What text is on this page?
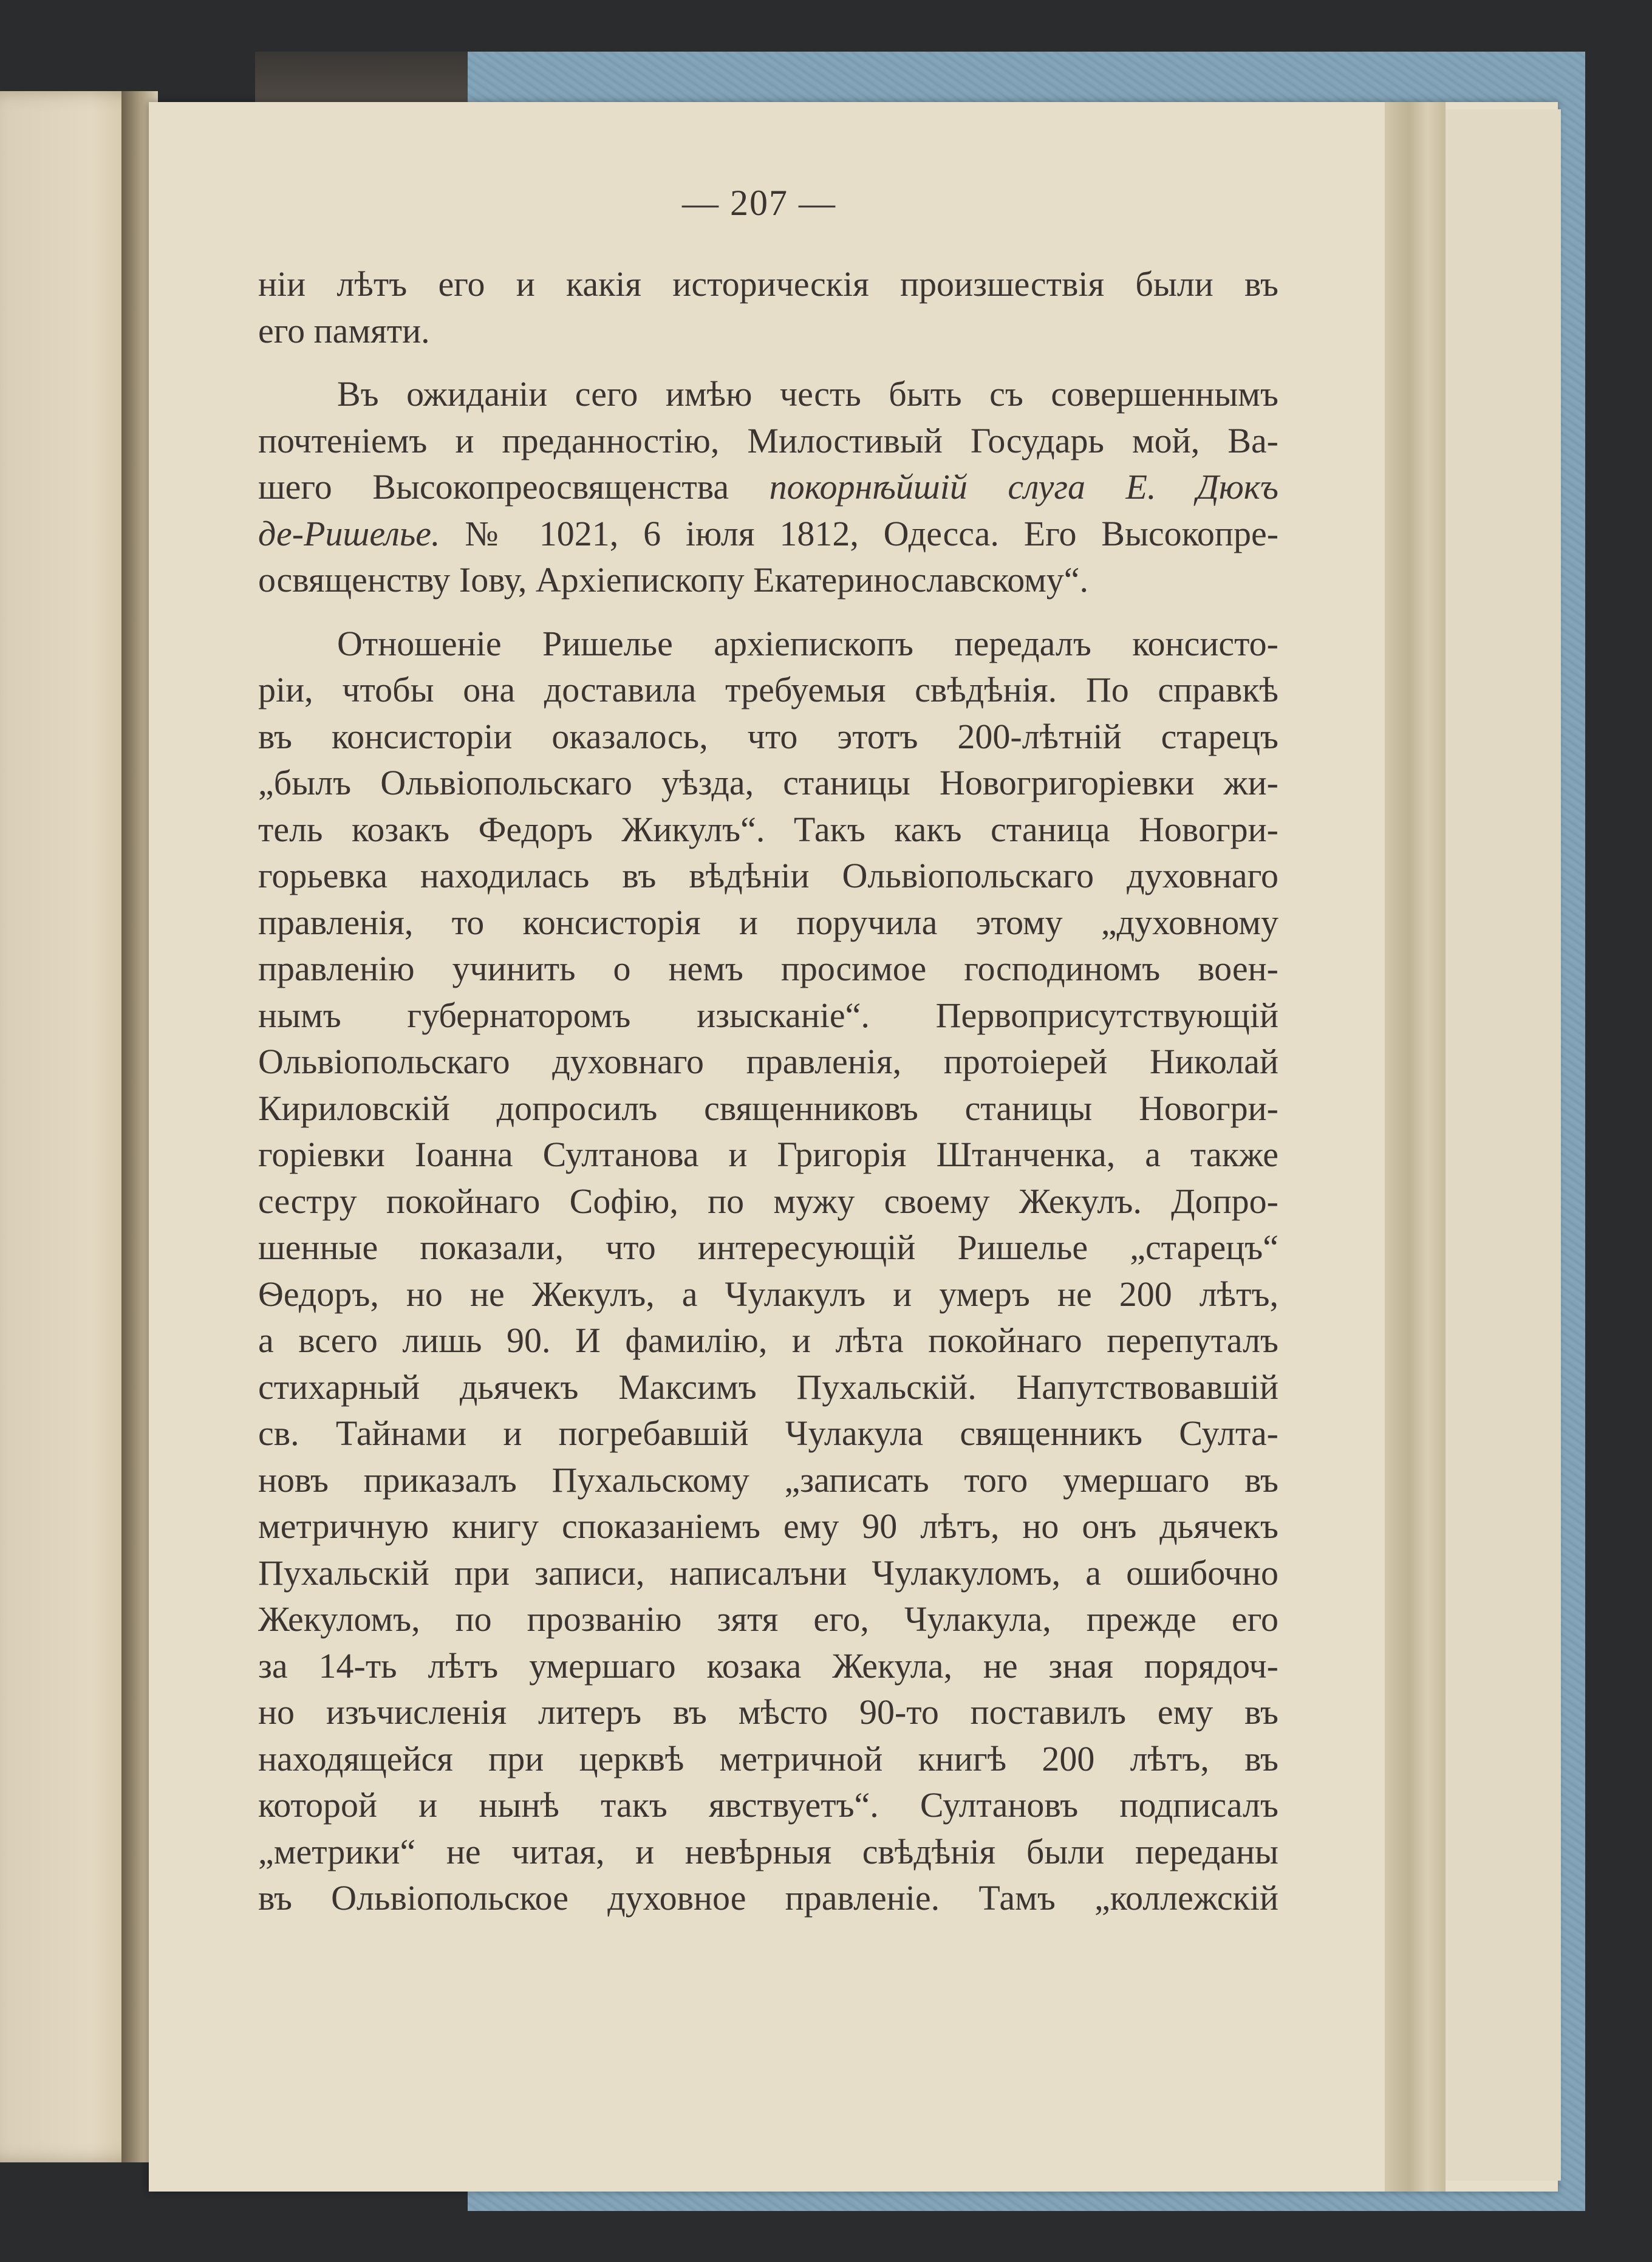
— 207 —
нiи лѣтъ его и какiя историческiя произшествiя были въ
его памяти.
Въ ожиданiи сего имѣю честь быть съ совершеннымъ
почтенiемъ и преданностiю, Милостивый Государь мой, Ва-
шего Высокопреосвященства покорнѣйшiй слуга Е. Дюкъ
де-Ришелье. № 1021, 6 iюля 1812, Одесса. Его Высокопре-
освященству Iову, Архiепископу Екатеринославскому“.
Отношенiе Ришелье архiепископъ передалъ консисто-
рiи, чтобы она доставила требуемыя свѣдѣнiя. По справкѣ
въ консисторiи оказалось, что этотъ 200-лѣтнiй старецъ
„былъ Ольвiопольскаго уѣзда, станицы Новогригорiевки жи-
тель козакъ Федоръ Жикулъ“. Такъ какъ станица Новогри-
горьевка находилась въ вѣдѣнiи Ольвiопольскаго духовнаго
правленiя, то консисторiя и поручила этому „духовному
правленiю учинить о немъ просимое господиномъ воен-
нымъ губернаторомъ изысканiе“. Первоприсутствующiй
Ольвiопольскаго духовнаго правленiя, протоiерей Николай
Кириловскiй допросилъ священниковъ станицы Новогри-
горiевки Iоанна Султанова и Григорiя Штанченка, а также
сестру покойнаго Софiю, по мужу своему Жекулъ. Допро-
шенные показали, что интересующiй Ришелье „старецъ“
Ѳедоръ, но не Жекулъ, а Чулакулъ и умеръ не 200 лѣтъ,
а всего лишь 90. И фамилiю, и лѣта покойнаго перепуталъ
стихарный дьячекъ Максимъ Пухальскiй. Напутствовавшiй
св. Тайнами и погребавшiй Чулакула священникъ Султа-
новъ приказалъ Пухальскому „записать того умершаго въ
метричную книгу споказанiемъ ему 90 лѣтъ, но онъ дьячекъ
Пухальскiй при записи, написалъни Чулакуломъ, а ошибочно
Жекуломъ, по прозванiю зятя его, Чулакула, прежде его
за 14-ть лѣтъ умершаго козака Жекула, не зная порядоч-
но изъчисленiя литеръ въ мѣсто 90-то поставилъ ему въ
находящейся при церквѣ метричной книгѣ 200 лѣтъ, въ
которой и нынѣ такъ явствуетъ“. Султановъ подписалъ
„метрики“ не читая, и невѣрныя свѣдѣнiя были переданы
въ Ольвiопольское духовное правленiе. Тамъ „коллежскiй
